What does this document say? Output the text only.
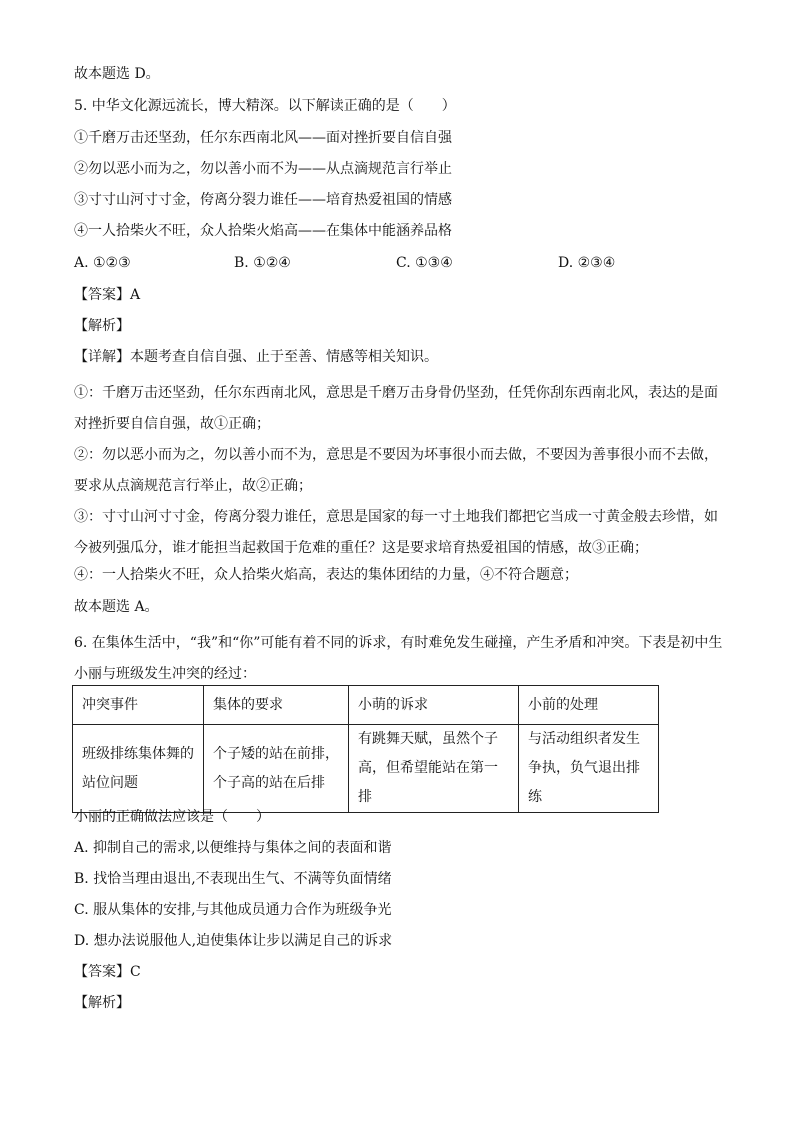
故本题选 D。
5. 中华文化源远流长，博大精深。以下解读正确的是（　　）
①千磨万击还坚劲，任尔东西南北风——面对挫折要自信自强
②勿以恶小而为之，勿以善小而不为——从点滴规范言行举止
③寸寸山河寸寸金，侉离分裂力谁任——培育热爱祖国的情感
④一人拾柴火不旺，众人拾柴火焰高——在集体中能涵养品格
A. ①②③	B. ①②④	C. ①③④	D. ②③④
【答案】A
【解析】
【详解】本题考查自信自强、止于至善、情感等相关知识。
①：千磨万击还坚劲，任尔东西南北风，意思是千磨万击身骨仍坚劲，任凭你刮东西南北风，表达的是面对挫折要自信自强，故①正确；
②：勿以恶小而为之，勿以善小而不为，意思是不要因为坏事很小而去做，不要因为善事很小而不去做，要求从点滴规范言行举止，故②正确；
③：寸寸山河寸寸金，侉离分裂力谁任，意思是国家的每一寸土地我们都把它当成一寸黄金般去珍惜，如今被列强瓜分，谁才能担当起救国于危难的重任？这是要求培育热爱祖国的情感，故③正确；
④：一人拾柴火不旺，众人拾柴火焰高，表达的集体团结的力量，④不符合题意；
故本题选 A。
6. 在集体生活中，“我”和“你”可能有着不同的诉求，有时难免发生碰撞，产生矛盾和冲突。下表是初中生小丽与班级发生冲突的经过：
冲突事件	集体的要求	小萌的诉求	小前的处理
班级排练集体舞的站位问题	个子矮的站在前排，个子高的站在后排	有跳舞天赋，虽然个子高，但希望能站在第一排	与活动组织者发生争执，负气退出排练
小丽的正确做法应该是（　　）
A. 抑制自己的需求,以便维持与集体之间的表面和谐
B. 找恰当理由退出,不表现出生气、不满等负面情绪
C. 服从集体的安排,与其他成员通力合作为班级争光
D. 想办法说服他人,迫使集体让步以满足自己的诉求
【答案】C
【解析】
